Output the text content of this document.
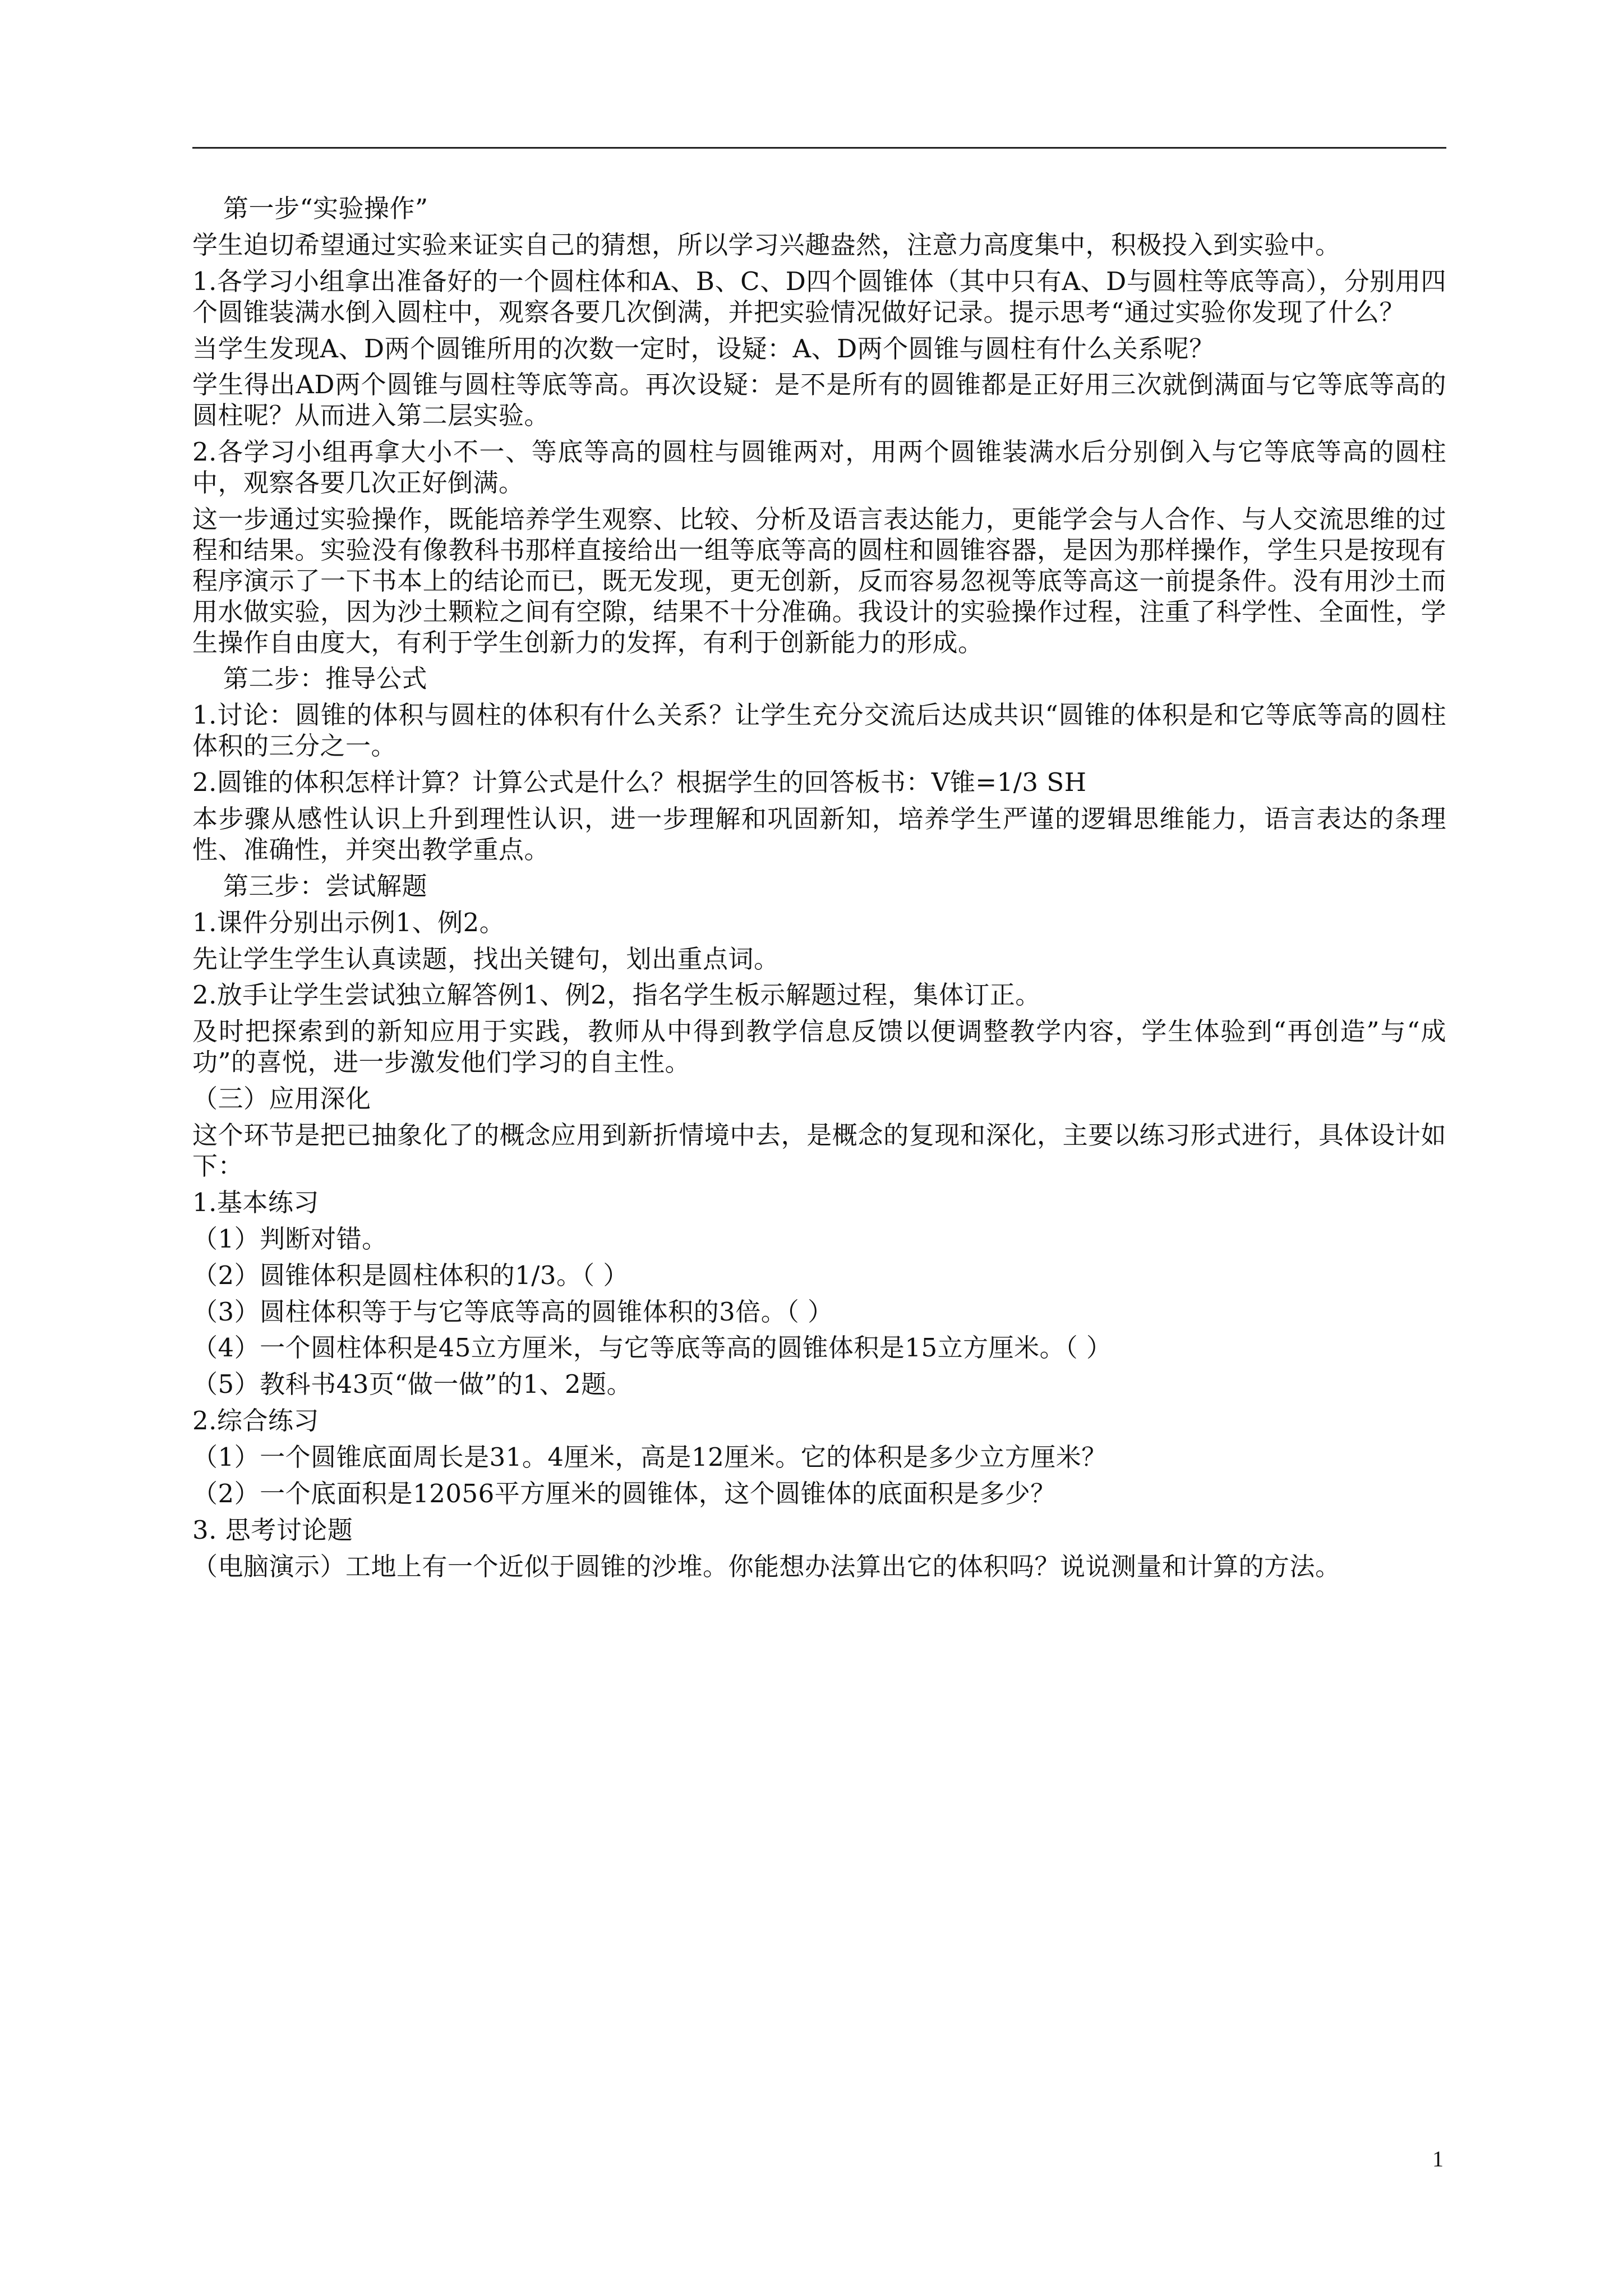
第一步“实验操作”

学生迫切希望通过实验来证实自己的猜想，所以学习兴趣盎然，注意力高度集中，积极投入到实验中。

1.各学习小组拿出准备好的一个圆柱体和A、B、C、D四个圆锥体（其中只有A、D与圆柱等底等高），分别用四个圆锥装满水倒入圆柱中，观察各要几次倒满，并把实验情况做好记录。提示思考“通过实验你发现了什么？

当学生发现A、D两个圆锥所用的次数一定时，设疑：A、D两个圆锥与圆柱有什么关系呢？

学生得出AD两个圆锥与圆柱等底等高。再次设疑：是不是所有的圆锥都是正好用三次就倒满面与它等底等高的圆柱呢？从而进入第二层实验。

2.各学习小组再拿大小不一、等底等高的圆柱与圆锥两对，用两个圆锥装满水后分别倒入与它等底等高的圆柱中，观察各要几次正好倒满。

这一步通过实验操作，既能培养学生观察、比较、分析及语言表达能力，更能学会与人合作、与人交流思维的过程和结果。实验没有像教科书那样直接给出一组等底等高的圆柱和圆锥容器，是因为那样操作，学生只是按现有程序演示了一下书本上的结论而已，既无发现，更无创新，反而容易忽视等底等高这一前提条件。没有用沙土而用水做实验，因为沙土颗粒之间有空隙，结果不十分准确。我设计的实验操作过程，注重了科学性、全面性，学生操作自由度大，有利于学生创新力的发挥，有利于创新能力的形成。

第二步：推导公式

1.讨论：圆锥的体积与圆柱的体积有什么关系？让学生充分交流后达成共识“圆锥的体积是和它等底等高的圆柱体积的三分之一。

2.圆锥的体积怎样计算？计算公式是什么？根据学生的回答板书：V锥=1/3 SH

本步骤从感性认识上升到理性认识，进一步理解和巩固新知，培养学生严谨的逻辑思维能力，语言表达的条理性、准确性，并突出教学重点。

第三步：尝试解题

1.课件分别出示例1、例2。

先让学生学生认真读题，找出关键句，划出重点词。

2.放手让学生尝试独立解答例1、例2，指名学生板示解题过程，集体订正。

及时把探索到的新知应用于实践，教师从中得到教学信息反馈以便调整教学内容，学生体验到“再创造”与“成功”的喜悦，进一步激发他们学习的自主性。

（三）应用深化

这个环节是把已抽象化了的概念应用到新折情境中去，是概念的复现和深化，主要以练习形式进行，具体设计如下：

1.基本练习

（1）判断对错。

（2）圆锥体积是圆柱体积的1/3。（ ）

（3）圆柱体积等于与它等底等高的圆锥体积的3倍。（ ）

（4）一个圆柱体积是45立方厘米，与它等底等高的圆锥体积是15立方厘米。（ ）

（5）教科书43页“做一做”的1、2题。

2.综合练习

（1）一个圆锥底面周长是31。4厘米，高是12厘米。它的体积是多少立方厘米？

（2）一个底面积是12056平方厘米的圆锥体，这个圆锥体的底面积是多少？

3. 思考讨论题

（电脑演示）工地上有一个近似于圆锥的沙堆。你能想办法算出它的体积吗？说说测量和计算的方法。

1
